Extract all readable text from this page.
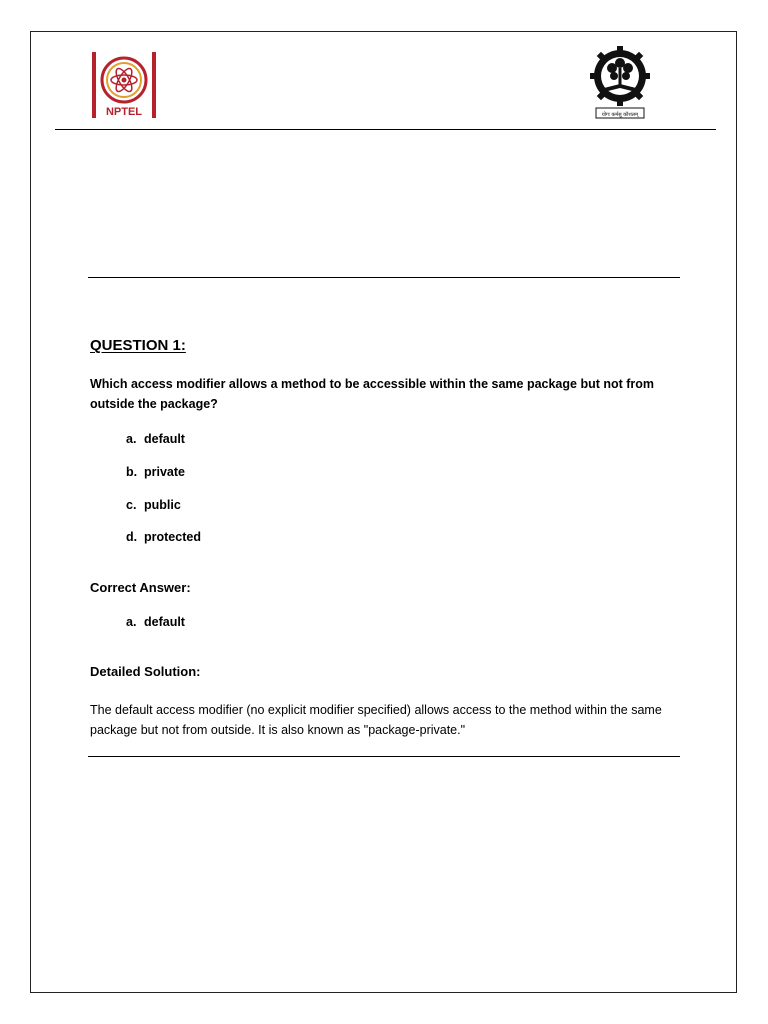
NPTEL	योगः कर्मसु कौशलम्
QUESTION 1:

Which access modifier allows a method to be accessible within the same package but not from outside the package?

a. default
b. private
c. public
d. protected
Correct Answer:
a. default
Detailed Solution:

The default access modifier (no explicit modifier specified) allows access to the method within the same package but not from outside. It is also known as "package-private."
